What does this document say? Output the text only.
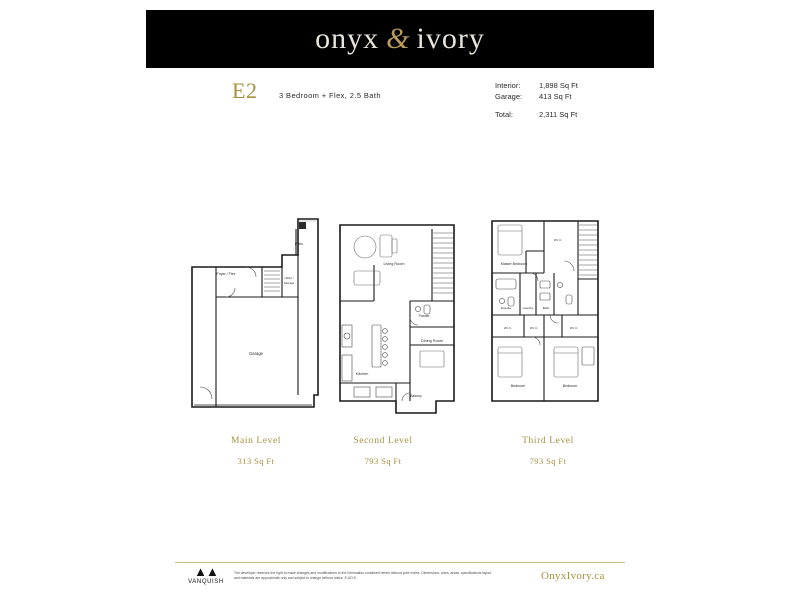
onyx & ivory
E2	3 Bedroom + Flex, 2.5 Bath
Interior:	1,898 Sq Ft
Garage:	413 Sq Ft
Total:	2,311 Sq Ft
Patio
Foyer / Flex
Utility /
Storage
Garage
Living Room
Powder
Dining Room
Kitchen
Balcony
Master Bedroom
W.I.C.
Ensuite	Laundry	Bath
W.I.C.	W.I.C.	W.I.C.
Bedroom	Bedroom
Main Level
313 Sq Ft
Second Level
793 Sq Ft
Third Level
793 Sq Ft
▲▲
VANQUISH
The developer reserves the right to make changes and modifications to the information contained herein without prior notice. Dimensions, sizes, areas, specifications layout and materials are approximate only and subject to change without notice. E.&O.E.	OnyxIvory.ca
